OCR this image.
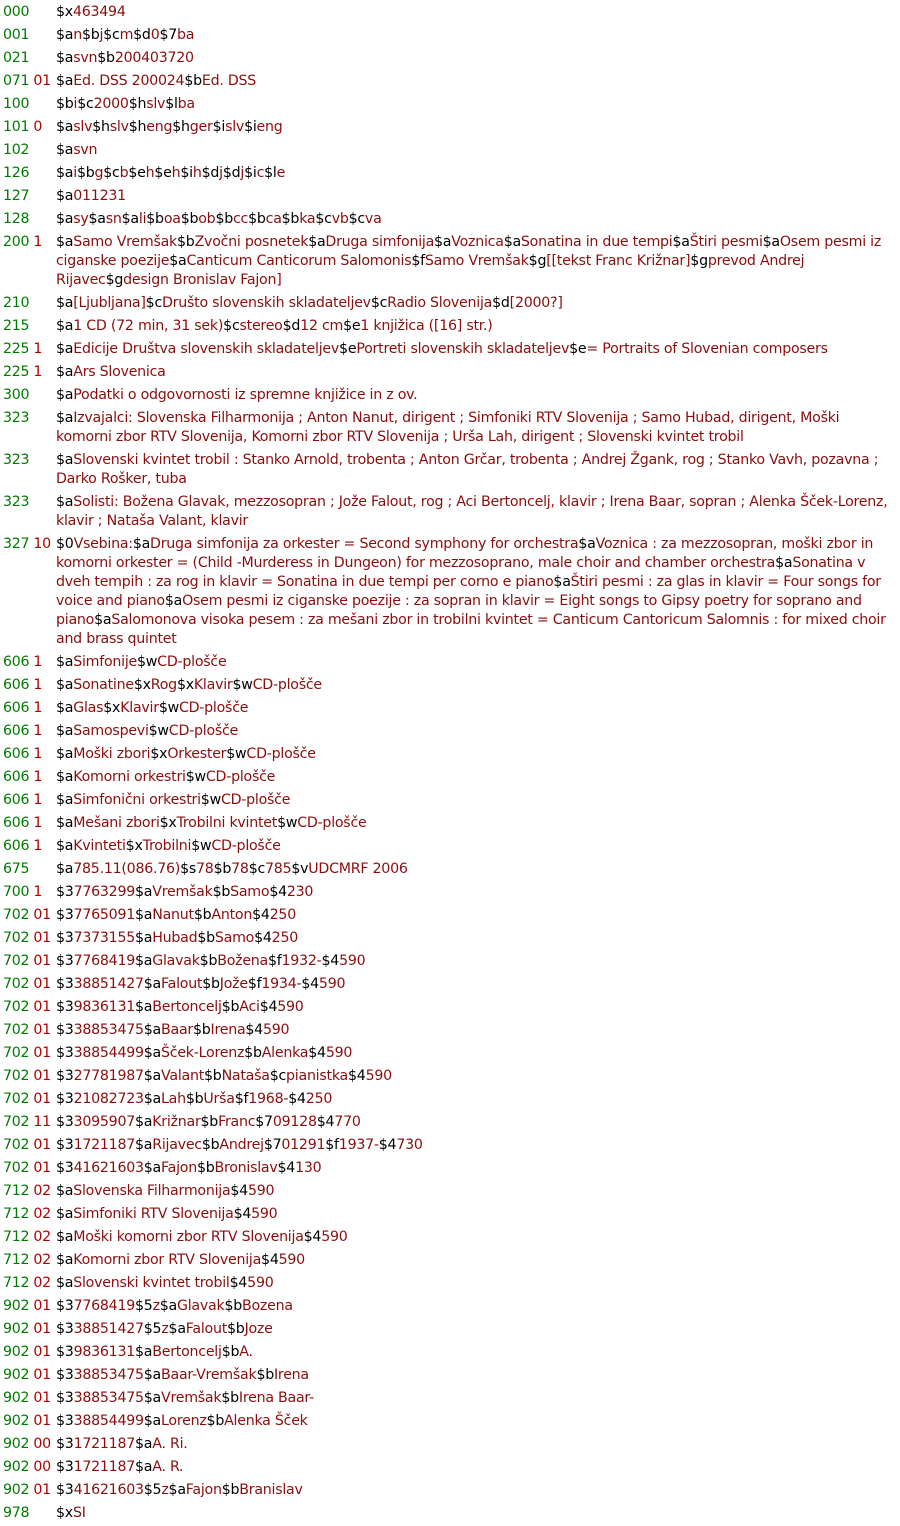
000	$x463494
001	$an$bj$cm$d0$7ba
021	$asvn$b200403720
071 01 $aEd. DSS 200024$bEd. DSS
100	$bi$c2000$hslv$lba
101 0 $aslv$hslv$heng$hger$islv$ieng
102	$asvn
126	$ai$bg$cb$eh$eh$ih$dj$dj$ic$le
127	$a011231
128	$asy$asn$ali$boa$bob$bcc$bca$bka$cvb$cva
200 1 $aSamo Vremšak$bZvočni posnetek$aDruga simfonija$aVoznica$aSonatina in due tempi$aŠtiri pesmi$aOsem pesmi iz ciganske poezije$aCanticum Canticorum Salomonis$fSamo Vremšak$g[[tekst Franc Križnar]$gprevod Andrej Rijavec$gdesign Bronislav Fajon]
210	$a[Ljubljana]$cDrušto slovenskih skladateljev$cRadio Slovenija$d[2000?]
215	$a1 CD (72 min, 31 sek)$cstereo$d12 cm$e1 knjižica ([16] str.)
225 1 $aEdicije Društva slovenskih skladateljev$ePortreti slovenskih skladateljev$e= Portraits of Slovenian composers
225 1 $aArs Slovenica
300	$aPodatki o odgovornosti iz spremne knjižice in z ov.
323	$aIzvajalci: Slovenska Filharmonija ; Anton Nanut, dirigent ; Simfoniki RTV Slovenija ; Samo Hubad, dirigent, Moški komorni zbor RTV Slovenija, Komorni zbor RTV Slovenija ; Urša Lah, dirigent ; Slovenski kvintet trobil
323	$aSlovenski kvintet trobil : Stanko Arnold, trobenta ; Anton Grčar, trobenta ; Andrej Žgank, rog ; Stanko Vavh, pozavna ; Darko Rošker, tuba
323	$aSolisti: Božena Glavak, mezzosopran ; Jože Falout, rog ; Aci Bertoncelj, klavir ; Irena Baar, sopran ; Alenka Šček-Lorenz, klavir ; Nataša Valant, klavir
327 10 $0Vsebina:$aDruga simfonija za orkester = Second symphony for orchestra$aVoznica : za mezzosopran, moški zbor in komorni orkester = (Child -Murderess in Dungeon) for mezzosoprano, male choir and chamber orchestra$aSonatina v dveh tempih : za rog in klavir = Sonatina in due tempi per corno e piano$aŠtiri pesmi : za glas in klavir = Four songs for voice and piano$aOsem pesmi iz ciganske poezije : za sopran in klavir = Eight songs to Gipsy poetry for soprano and piano$aSalomonova visoka pesem : za mešani zbor in trobilni kvintet = Canticum Cantoricum Salomnis : for mixed choir and brass quintet
606 1 $aSimfonije$wCD-plošče
606 1 $aSonatine$xRog$xKlavir$wCD-plošče
606 1 $aGlas$xKlavir$wCD-plošče
606 1 $aSamospevi$wCD-plošče
606 1 $aMoški zbori$xOrkester$wCD-plošče
606 1 $aKomorni orkestri$wCD-plošče
606 1 $aSimfonični orkestri$wCD-plošče
606 1 $aMešani zbori$xTrobilni kvintet$wCD-plošče
606 1 $aKvinteti$xTrobilni$wCD-plošče
675	$a785.11(086.76)$s78$b78$c785$vUDCMRF 2006
700 1 $37763299$aVremšak$bSamo$4230
702 01 $37765091$aNanut$bAnton$4250
702 01 $37373155$aHubad$bSamo$4250
702 01 $37768419$aGlavak$bBožena$f1932-$4590
702 01 $338851427$aFalout$bJože$f1934-$4590
702 01 $39836131$aBertoncelj$bAci$4590
702 01 $338853475$aBaar$bIrena$4590
702 01 $338854499$aŠček-Lorenz$bAlenka$4590
702 01 $327781987$aValant$bNataša$cpianistka$4590
702 01 $321082723$aLah$bUrša$f1968-$4250
702 11 $33095907$aKrižnar$bFranc$709128$4770
702 01 $31721187$aRijavec$bAndrej$701291$f1937-$4730
702 01 $341621603$aFajon$bBronislav$4130
712 02 $aSlovenska Filharmonija$4590
712 02 $aSimfoniki RTV Slovenija$4590
712 02 $aMoški komorni zbor RTV Slovenija$4590
712 02 $aKomorni zbor RTV Slovenija$4590
712 02 $aSlovenski kvintet trobil$4590
902 01 $37768419$5z$aGlavak$bBozena
902 01 $338851427$5z$aFalout$bJoze
902 01 $39836131$aBertoncelj$bA.
902 01 $338853475$aBaar-Vremšak$bIrena
902 01 $338853475$aVremšak$bIrena Baar-
902 01 $338854499$aLorenz$bAlenka Šček
902 00 $31721187$aA. Ri.
902 00 $31721187$aA. R.
902 01 $341621603$5z$aFajon$bBranislav
978	$xSI
